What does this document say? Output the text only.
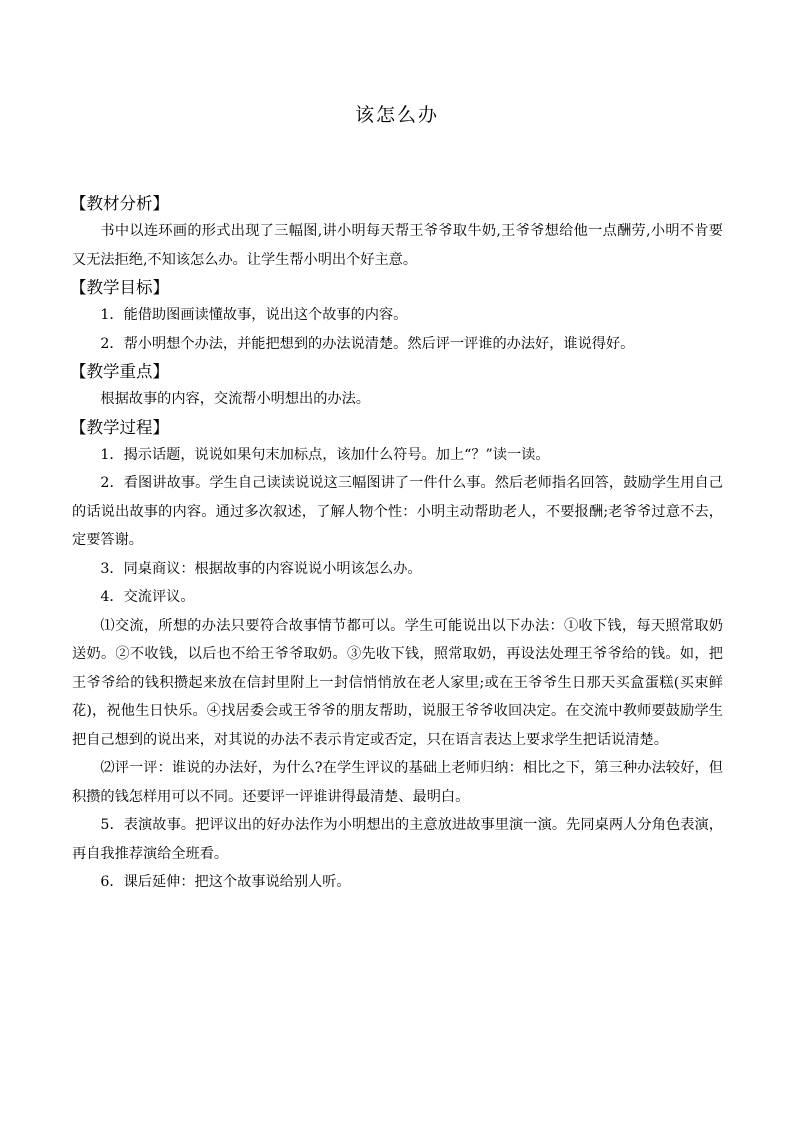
该怎么办

【教材分析】

书中以连环画的形式出现了三幅图,讲小明每天帮王爷爷取牛奶,王爷爷想给他一点酬劳,小明不肯要又无法拒绝,不知该怎么办。让学生帮小明出个好主意。

【教学目标】

1．能借助图画读懂故事，说出这个故事的内容。

2．帮小明想个办法，并能把想到的办法说清楚。然后评一评谁的办法好，谁说得好。

【教学重点】

根据故事的内容，交流帮小明想出的办法。

【教学过程】

1．揭示话题，说说如果句末加标点，该加什么符号。加上“？”读一读。

2．看图讲故事。学生自己读读说说这三幅图讲了一件什么事。然后老师指名回答，鼓励学生用自己的话说出故事的内容。通过多次叙述，了解人物个性：小明主动帮助老人，不要报酬;老爷爷过意不去，定要答谢。

3．同桌商议：根据故事的内容说说小明该怎么办。

4．交流评议。

⑴交流，所想的办法只要符合故事情节都可以。学生可能说出以下办法：①收下钱，每天照常取奶送奶。②不收钱，以后也不给王爷爷取奶。③先收下钱，照常取奶，再设法处理王爷爷给的钱。如，把王爷爷给的钱积攒起来放在信封里附上一封信悄悄放在老人家里;或在王爷爷生日那天买盒蛋糕(买束鲜花)，祝他生日快乐。④找居委会或王爷爷的朋友帮助，说服王爷爷收回决定。在交流中教师要鼓励学生把自己想到的说出来，对其说的办法不表示肯定或否定，只在语言表达上要求学生把话说清楚。

⑵评一评：谁说的办法好，为什么?在学生评议的基础上老师归纳：相比之下，第三种办法较好，但积攒的钱怎样用可以不同。还要评一评谁讲得最清楚、最明白。

5．表演故事。把评议出的好办法作为小明想出的主意放进故事里演一演。先同桌两人分角色表演，再自我推荐演给全班看。

6．课后延伸：把这个故事说给别人听。
